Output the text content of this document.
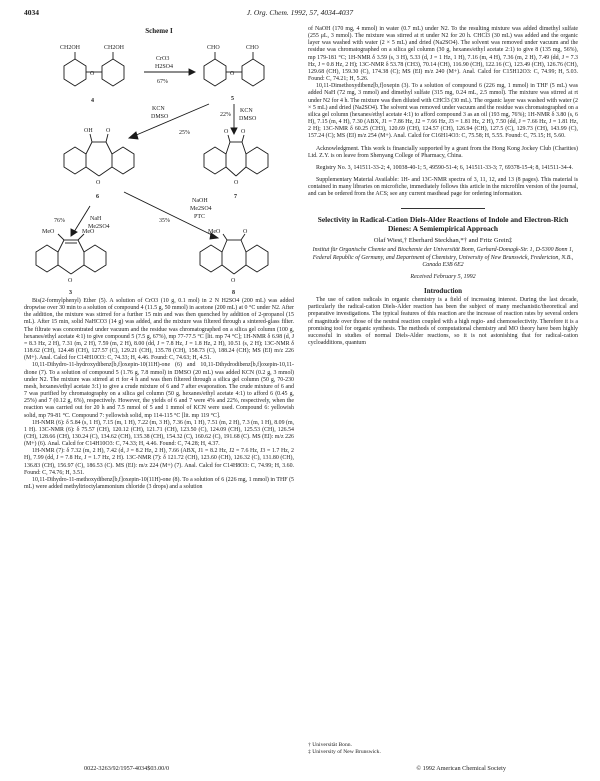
4034	J. Org. Chem. 1992, 57, 4034-4037
Scheme I
O
CH2OH	CH2OH
4
CrO3
H2SO4
67%
O
CHO	CHO
5
KCN
DMSO
25%
22%
KCN
DMSO
OH O
O
6
O O
O
7
76%	NaH
Me2SO4
NaOH
Me2SO4
PTC
35%
MeO	MeO
O
3
MeO	O
O
8

Bis(2-formylphenyl) Ether (5). A solution of CrO3 (10 g, 0.1 mol) in 2 N H2SO4 (200 mL) was added dropwise over 30 min to a solution of compound 4 (11.5 g, 50 mmol) in acetone (200 mL) at 0 °C under N2. After the addition, the mixture was stirred for a further 15 min and was then quenched by addition of 2-propanol (15 mL). After 15 min, solid NaHCO3 (14 g) was added, and the mixture was filtered through a sintered-glass filter. The filtrate was concentrated under vacuum and the residue was chromatographed on a silica gel column (100 g, hexanes/ethyl acetate 4:1) to give compound 5 (7.5 g, 67%), mp 77-77.5 °C [lit. mp 74 °C]; 1H-NMR δ 6.98 (d, J = 8.3 Hz, 2 H), 7.31 (m, 2 H), 7.59 (m, 2 H), 8.00 (dd, J = 7.8 Hz, J = 1.8 Hz, 2 H), 10.51 (s, 2 H); 13C-NMR δ 118.62 (CH), 124.48 (CH), 127.57 (C), 129.21 (CH), 135.78 (CH), 158.73 (C), 188.24 (CH); MS (EI) m/z 226 (M+). Anal. Calcd for C14H10O3: C, 74.33; H, 4.46. Found: C, 74.63; H, 4.51.

10,11-Dihydro-11-hydroxydibenz[b,f]oxepin-10(11H)-one (6) and 10,11-Dihydrodibenz[b,f]oxepin-10,11-dione (7). To a solution of compound 5 (1.76 g, 7.8 mmol) in DMSO (20 mL) was added KCN (0.2 g, 3 mmol) under N2. The mixture was stirred at rt for 4 h and was then filtered through a silica gel column (50 g, 70-230 mesh, hexanes/ethyl acetate 3:1) to give a crude mixture of 6 and 7 after evaporation. The crude mixture of 6 and 7 was purified by chromatography on a silica gel column (50 g, hexanes/ethyl acetate 4:1) to afford 6 (0.45 g, 25%) and 7 (0.12 g, 6%), respectively. However, the yields of 6 and 7 were 4% and 22%, respectively, when the reaction was carried out for 20 h and 7.5 mmol of 5 and 1 mmol of KCN were used. Compound 6: yellowish solid, mp 79-81 °C. Compound 7: yellowish solid, mp 114-115 °C [lit. mp 119 °C].

1H-NMR (6): δ 5.84 (s, 1 H), 7.15 (m, 1 H), 7.22 (m, 3 H), 7.36 (m, 1 H), 7.51 (m, 2 H), 7.3 (m, 1 H), 8.09 (m, 1 H). 13C-NMR (6): δ 75.57 (CH), 120.12 (CH), 121.71 (CH), 123.50 (C), 124.09 (CH), 125.53 (CH), 126.54 (CH), 128.66 (CH), 130.24 (C), 134.62 (CH), 135.38 (CH), 154.32 (C), 160.62 (C), 191.68 (C). MS (EI): m/z 226 (M+) (6). Anal. Calcd for C14H10O3: C, 74.33; H, 4.46. Found: C, 74.28; H, 4.37.

1H-NMR (7): δ 7.32 (m, 2 H), 7.42 (d, J = 8.2 Hz, 2 H), 7.66 (ABX, J1 = 8.2 Hz, J2 = 7.6 Hz, J3 = 1.7 Hz, 2 H), 7.99 (dd, J = 7.8 Hz, J = 1.7 Hz, 2 H). 13C-NMR (7): δ 121.72 (CH), 123.60 (CH), 126.32 (C), 131.80 (CH), 136.83 (CH), 156.97 (C), 186.53 (C). MS (EI): m/z 224 (M+) (7). Anal. Calcd for C14H8O3: C, 74.99; H, 3.60. Found: C, 74.76; H, 3.51.

10,11-Dihydro-11-methoxydibenz[b,f]oxepin-10(11H)-one (8). To a solution of 6 (226 mg, 1 mmol) in THF (5 mL) were added methyltrioctylammonium chloride (3 drops) and a solution

of NaOH (170 mg, 4 mmol) in water (0.7 mL) under N2. To the resulting mixture was added dimethyl sulfate (255 μL, 3 mmol). The mixture was stirred at rt under N2 for 20 h. CHCl3 (30 mL) was added and the organic layer was washed with water (2 × 5 mL) and dried (Na2SO4). The solvent was removed under vacuum and the residue was chromatographed on a silica gel column (30 g, hexanes/ethyl acetate 2:1) to give 8 (135 mg, 56%), mp 179-181 °C; 1H-NMR δ 3.59 (s, 3 H), 5.33 (d, J = 1 Hz, 1 H), 7.16 (m, 4 H), 7.36 (m, 2 H), 7.49 (dd, J = 7.3 Hz, J = 0.8 Hz, 2 H); 13C-NMR δ 53.78 (CH3), 70.14 (CH), 116.90 (CH), 122.16 (C), 123.49 (CH), 126.76 (CH), 129.68 (CH), 159.30 (C), 174.38 (C); MS (EI) m/z 240 (M+). Anal. Calcd for C15H12O3: C, 74.99; H, 5.03. Found: C, 74.21; H, 5.26.

10,11-Dimethoxydibenz[b,f]oxepin (3). To a solution of compound 6 (226 mg, 1 mmol) in THF (5 mL) was added NaH (72 mg, 3 mmol) and dimethyl sulfate (315 mg, 0.24 mL, 2.5 mmol). The mixture was stirred at rt under N2 for 4 h. The mixture was then diluted with CHCl3 (30 mL). The organic layer was washed with water (2 × 5 mL) and dried (Na2SO4). The solvent was removed under vacuum and the residue was chromatographed on a silica gel column (hexanes/ethyl acetate 4:1) to afford compound 3 as an oil (193 mg, 76%); 1H-NMR δ 3.80 (s, 6 H), 7.15 (m, 4 H), 7.30 (ABX, J1 = 7.86 Hz, J2 = 7.66 Hz, J3 = 1.81 Hz, 2 H), 7.50 (dd, J = 7.66 Hz, J = 1.81 Hz, 2 H); 13C-NMR δ 60.25 (CH3), 120.69 (CH), 124.57 (CH), 126.94 (CH), 127.5 (C), 129.73 (CH), 143.99 (C), 157.24 (C); MS (EI) m/z 254 (M+). Anal. Calcd for C16H14O3: C, 75.58; H, 5.55. Found: C, 75.15; H, 5.60.

Acknowledgment. This work is financially supported by a grant from the Hong Kong Jockey Club (Charities) Ltd. Z.Y. is on leave from Shenyang College of Pharmacy, China.

Registry No. 3, 141511-33-2; 4, 10038-40-1; 5, 49590-51-4; 6, 141511-33-3; 7, 69378-15-4; 8, 141511-34-4.

Supplementary Material Available: 1H- and 13C-NMR spectra of 3, 11, 12, and 13 (8 pages). This material is contained in many libraries on microfiche, immediately follows this article in the microfilm version of the journal, and can be ordered from the ACS; see any current masthead page for ordering information.

Selectivity in Radical-Cation Diels-Alder Reactions of Indole and Electron-Rich Dienes: A Semiempirical Approach
Olaf Wiest,† Eberhard Steckhan,*† and Fritz Grein‡
Institut für Organische Chemie und Biochemie der Universität Bonn, Gerhard-Domagk-Str. 1, D-5300 Bonn 1, Federal Republic of Germany, and Department of Chemistry, University of New Brunswick, Fredericton, N.B., Canada E3B 6E2
Received February 5, 1992
Introduction

The use of cation radicals in organic chemistry is a field of increasing interest. During the last decade, particularly the radical-cation Diels-Alder reaction has been the subject of many mechanistic/theoretical and preparative investigations. The typical features of this reaction are the increase of reaction rates by several orders of magnitude over those of the neutral reaction coupled with a high regio- and chemoselectivity. Therefore it is a promising tool for organic synthesis. The methods of computational chemistry and MO theory have been highly successful in studies of normal Diels-Alder reactions, so it is not astonishing that for radical-cation cycloadditions, quantum

† Universität Bonn.
‡ University of New Brunswick.
0022-3263/92/1957-4034$03.00/0	© 1992 American Chemical Society
